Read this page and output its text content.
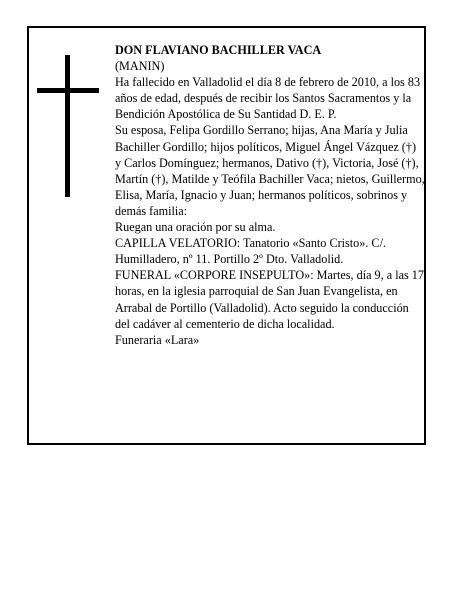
DON FLAVIANO BACHILLER VACA

(MANIN)

Ha fallecido en Valladolid el día 8 de febrero de 2010, a los 83 años de edad, después de recibir los Santos Sacramentos y la Bendición Apostólica de Su Santidad D. E. P.

Su esposa, Felipa Gordillo Serrano; hijas, Ana María y Julia Bachiller Gordillo; hijos políticos, Miguel Ángel Vázquez (†) y Carlos Domínguez; hermanos, Dativo (†), Victoria, José (†), Martín (†), Matilde y Teófila Bachiller Vaca; nietos, Guillermo, Elisa, María, Ignacio y Juan; hermanos políticos, sobrinos y demás familia:

Ruegan una oración por su alma.

CAPILLA VELATORIO: Tanatorio «Santo Cristo». C/. Humilladero, nº 11. Portillo 2º Dto. Valladolid.

FUNERAL «CORPORE INSEPULTO»: Martes, día 9, a las 17 horas, en la iglesia parroquial de San Juan Evangelista, en Arrabal de Portillo (Valladolid). Acto seguido la conducción del cadáver al cementerio de dicha localidad.

Funeraria «Lara»
